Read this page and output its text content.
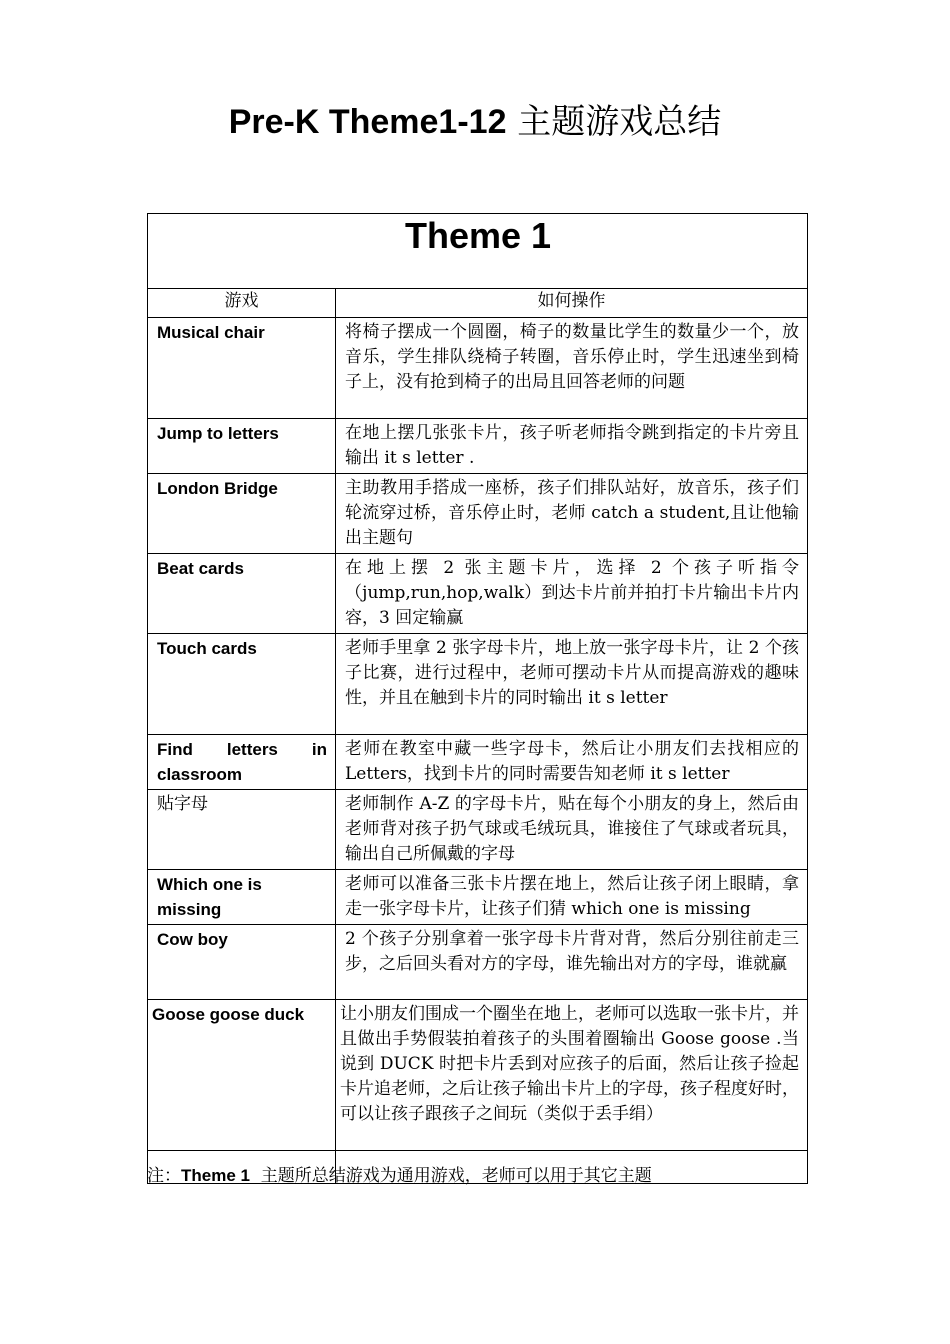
Pre-K Theme1-12 主题游戏总结
Theme 1	
游戏	如何操作
Musical chair	将椅子摆成一个圆圈，椅子的数量比学生的数量少一个，放音乐，学生排队绕椅子转圈，音乐停止时，学生迅速坐到椅子上，没有抢到椅子的出局且回答老师的问题
Jump to letters	在地上摆几张张卡片，孩子听老师指令跳到指定的卡片旁且输出 it s letter .
London Bridge	主助教用手搭成一座桥，孩子们排队站好，放音乐，孩子们轮流穿过桥，音乐停止时，老师 catch a student,且让他输出主题句
Beat cards	在地上摆 2 张主题卡片，选择 2 个孩子听指令（jump,run,hop,walk）到达卡片前并拍打卡片输出卡片内容，3 回定输赢
Touch cards	老师手里拿 2 张字母卡片，地上放一张字母卡片，让 2 个孩子比赛，进行过程中，老师可摆动卡片从而提高游戏的趣味性，并且在触到卡片的同时输出 it s letter
Find letters in classroom	老师在教室中藏一些字母卡，然后让小朋友们去找相应的 Letters，找到卡片的同时需要告知老师 it s letter
贴字母	老师制作 A-Z 的字母卡片，贴在每个小朋友的身上，然后由老师背对孩子扔气球或毛绒玩具，谁接住了气球或者玩具，输出自己所佩戴的字母
Which one is missing	老师可以准备三张卡片摆在地上，然后让孩子闭上眼睛，拿走一张字母卡片，让孩子们猜 which one is missing
Cow boy	2 个孩子分别拿着一张字母卡片背对背，然后分别往前走三步，之后回头看对方的字母，谁先输出对方的字母，谁就赢
Goose goose duck	让小朋友们围成一个圈坐在地上，老师可以选取一张卡片，并且做出手势假装拍着孩子的头围着圈输出 Goose goose .当说到 DUCK 时把卡片丢到对应孩子的后面，然后让孩子捡起卡片追老师，之后让孩子输出卡片上的字母，孩子程度好时，可以让孩子跟孩子之间玩（类似于丢手绢）

注：Theme 1  主题所总结游戏为通用游戏，老师可以用于其它主题
